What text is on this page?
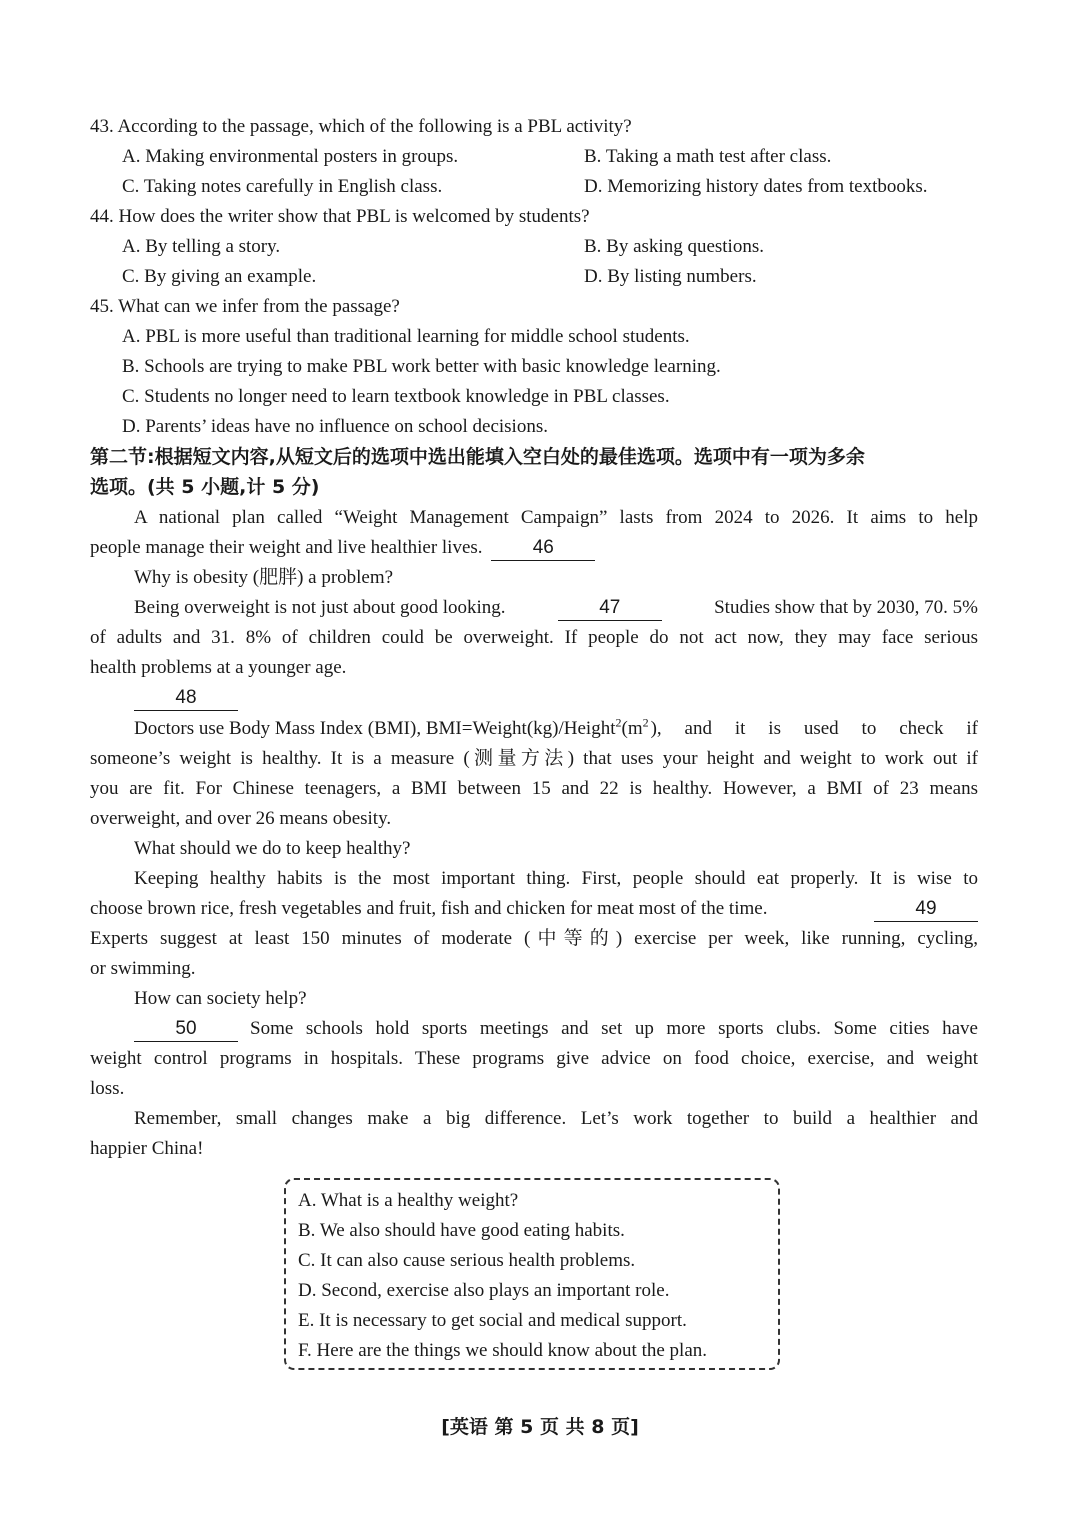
43. According to the passage, which of the following is a PBL activity?
A. Making environmental posters in groups.	B. Taking a math test after class.
C. Taking notes carefully in English class.	D. Memorizing history dates from textbooks.
44. How does the writer show that PBL is welcomed by students?
A. By telling a story.	B. By asking questions.
C. By giving an example.	D. By listing numbers.
45. What can we infer from the passage?
A. PBL is more useful than traditional learning for middle school students.
B. Schools are trying to make PBL work better with basic knowledge learning.
C. Students no longer need to learn textbook knowledge in PBL classes.
D. Parents’ ideas have no influence on school decisions.
第二节:根据短文内容,从短文后的选项中选出能填入空白处的最佳选项。选项中有一项为多余
选项。(共 5 小题,计 5 分)
A national plan called “Weight Management Campaign” lasts from 2024 to 2026. It aims to help
people manage their weight and live healthier lives.	46
Why is obesity (肥胖) a problem?
Being overweight is not just about good looking.	47	Studies show that by 2030, 70. 5%
of adults and 31. 8% of children could be overweight. If people do not act now, they may face serious
health problems at a younger age.
48
Doctors use Body Mass Index (BMI), $BMI=Weight(kg)/Height^2(m^2$ ), and it is used to check if
someone’s weight is healthy. It is a measure (测量方法) that uses your height and weight to work out if
you are fit. For Chinese teenagers, a BMI between 15 and 22 is healthy. However, a BMI of 23 means
overweight, and over 26 means obesity.
What should we do to keep healthy?
Keeping healthy habits is the most important thing. First, people should eat properly. It is wise to
choose brown rice, fresh vegetables and fruit, fish and chicken for meat most of the time.	49
Experts suggest at least 150 minutes of moderate (中等的) exercise per week, like running, cycling,
or swimming.
How can society help?
50	Some schools hold sports meetings and set up more sports clubs. Some cities have
weight control programs in hospitals. These programs give advice on food choice, exercise, and weight
loss.
Remember, small changes make a big difference. Let’s work together to build a healthier and
happier China!
A. What is a healthy weight?
B. We also should have good eating habits.
C. It can also cause serious health problems.
D. Second, exercise also plays an important role.
E. It is necessary to get social and medical support.
F. Here are the things we should know about the plan.
[英语 第 5 页 共 8 页]
